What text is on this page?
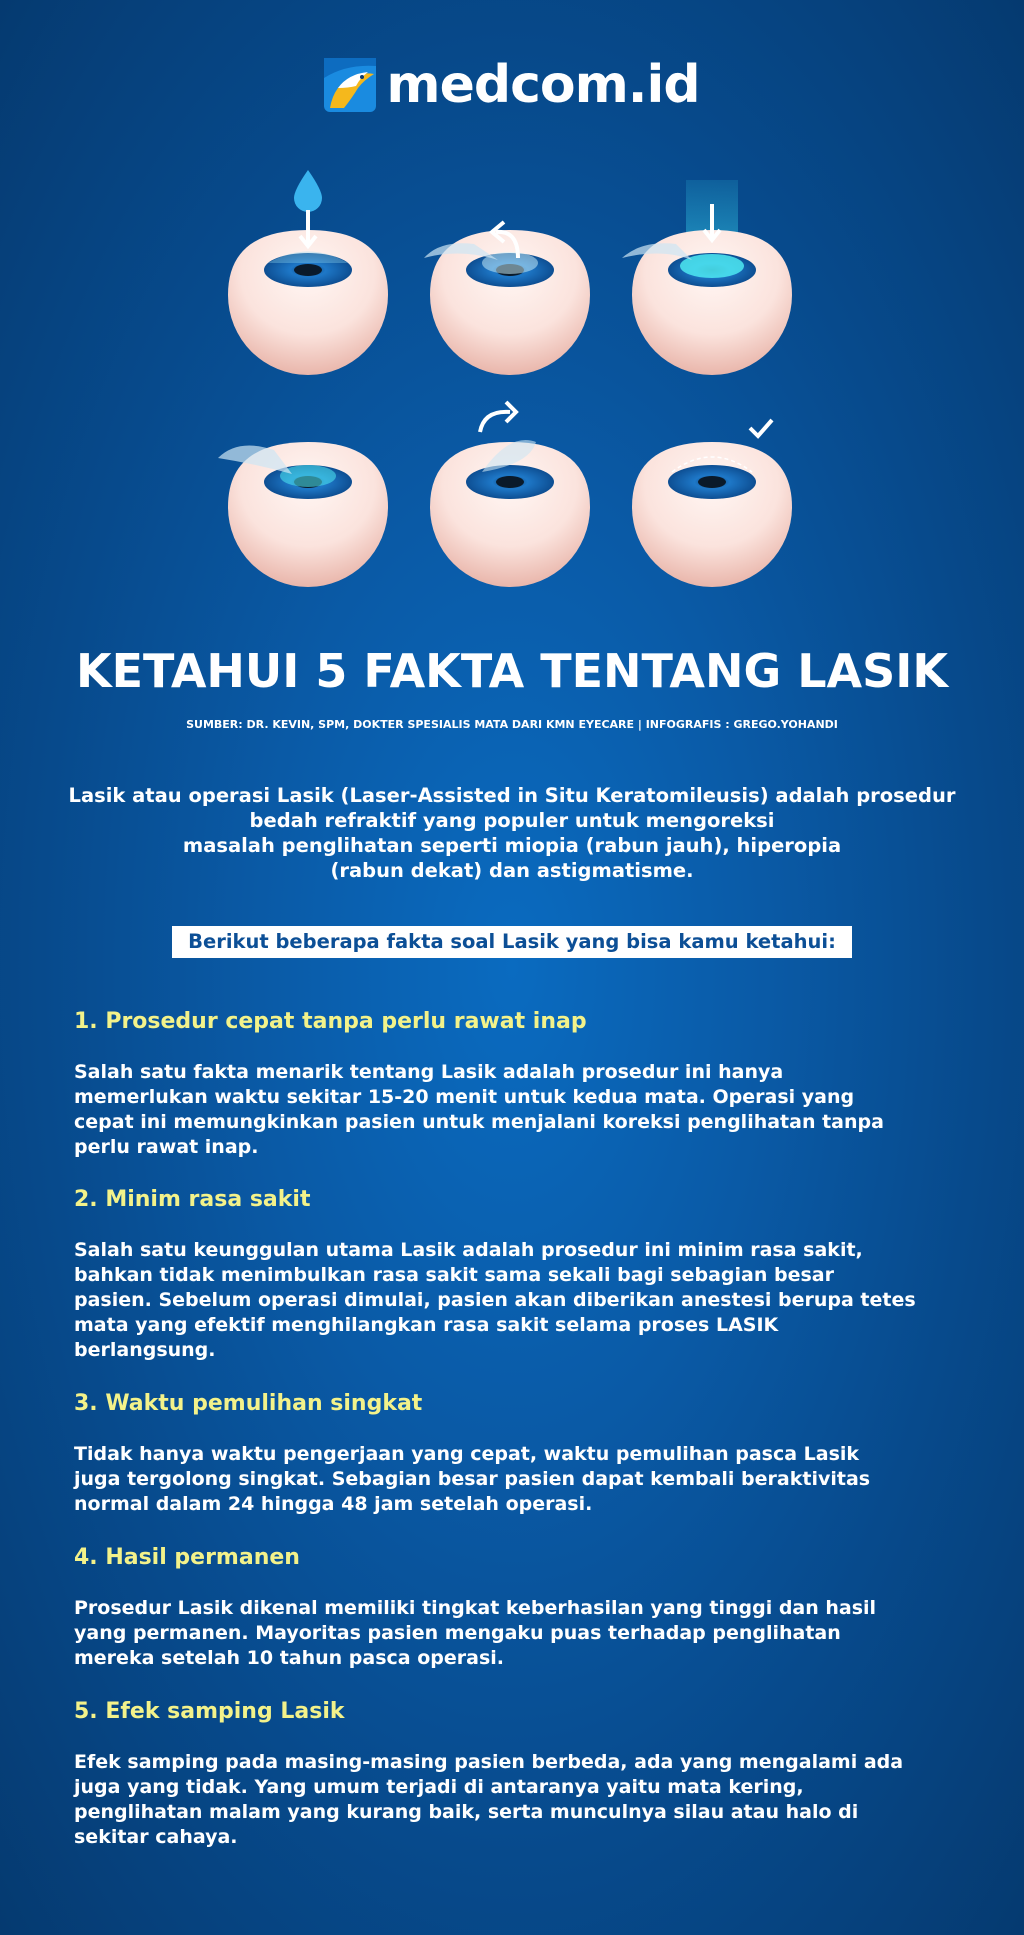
medcom.id
KETAHUI 5 FAKTA TENTANG LASIK
SUMBER: DR. KEVIN, SPM, DOKTER SPESIALIS MATA DARI KMN EYECARE | INFOGRAFIS : GREGO.YOHANDI
Lasik atau operasi Lasik (Laser-Assisted in Situ Keratomileusis) adalah prosedur
bedah refraktif yang populer untuk mengoreksi
masalah penglihatan seperti miopia (rabun jauh), hiperopia
(rabun dekat) dan astigmatisme.
Berikut beberapa fakta soal Lasik yang bisa kamu ketahui:

1. Prosedur cepat tanpa perlu rawat inap

Salah satu fakta menarik tentang Lasik adalah prosedur ini hanya
memerlukan waktu sekitar 15-20 menit untuk kedua mata. Operasi yang
cepat ini memungkinkan pasien untuk menjalani koreksi penglihatan tanpa
perlu rawat inap.

2. Minim rasa sakit

Salah satu keunggulan utama Lasik adalah prosedur ini minim rasa sakit,
bahkan tidak menimbulkan rasa sakit sama sekali bagi sebagian besar
pasien. Sebelum operasi dimulai, pasien akan diberikan anestesi berupa tetes
mata yang efektif menghilangkan rasa sakit selama proses LASIK
berlangsung.

3. Waktu pemulihan singkat

Tidak hanya waktu pengerjaan yang cepat, waktu pemulihan pasca Lasik
juga tergolong singkat. Sebagian besar pasien dapat kembali beraktivitas
normal dalam 24 hingga 48 jam setelah operasi.

4. Hasil permanen

Prosedur Lasik dikenal memiliki tingkat keberhasilan yang tinggi dan hasil
yang permanen. Mayoritas pasien mengaku puas terhadap penglihatan
mereka setelah 10 tahun pasca operasi.

5. Efek samping Lasik

Efek samping pada masing-masing pasien berbeda, ada yang mengalami ada
juga yang tidak. Yang umum terjadi di antaranya yaitu mata kering,
penglihatan malam yang kurang baik, serta munculnya silau atau halo di
sekitar cahaya.
